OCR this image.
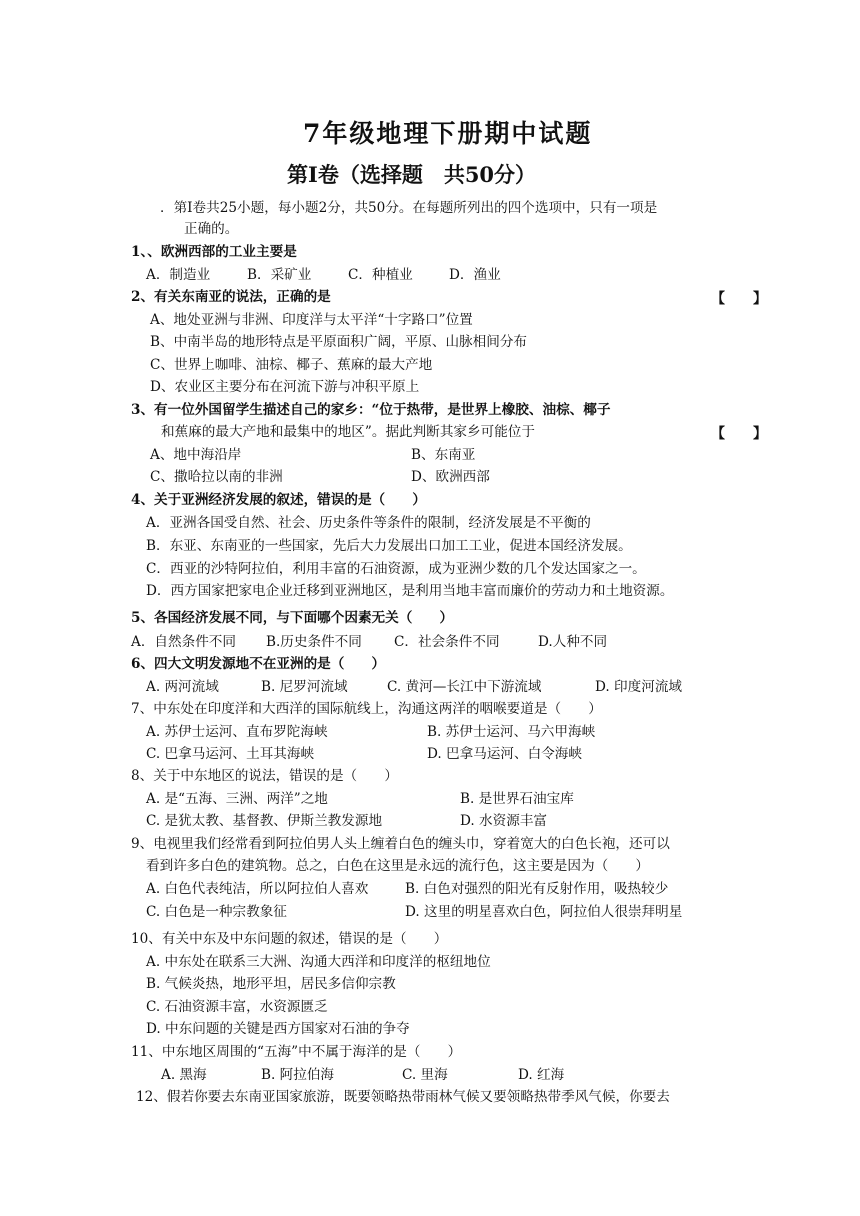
7年级地理下册期中试题
第Ⅰ卷（选择题　共50分）
．第Ⅰ卷共25小题，每小题2分，共50分。在每题所列出的四个选项中，只有一项是
正确的。
1、、欧洲西部的工业主要是
A．制造业	B．采矿业	C．种植业	D．渔业
2、有关东南亚的说法，正确的是	【　　】
A、地处亚洲与非洲、印度洋与太平洋“十字路口”位置
B、中南半岛的地形特点是平原面积广阔，平原、山脉相间分布
C、世界上咖啡、油棕、椰子、蕉麻的最大产地
D、农业区主要分布在河流下游与冲积平原上
3、有一位外国留学生描述自己的家乡：“位于热带，是世界上橡胶、油棕、椰子
和蕉麻的最大产地和最集中的地区”。据此判断其家乡可能位于	【　　】
A、地中海沿岸	B、东南亚
C、撒哈拉以南的非洲	D、欧洲西部
4、关于亚洲经济发展的叙述，错误的是（　　）
A．亚洲各国受自然、社会、历史条件等条件的限制，经济发展是不平衡的
B．东亚、东南亚的一些国家，先后大力发展出口加工工业，促进本国经济发展。
C．西亚的沙特阿拉伯，利用丰富的石油资源，成为亚洲少数的几个发达国家之一。
D．西方国家把家电企业迁移到亚洲地区，是利用当地丰富而廉价的劳动力和土地资源。
5、各国经济发展不同，与下面哪个因素无关（　　）
A．自然条件不同 B.历史条件不同 C．社会条件不同	D.人种不同
6、四大文明发源地不在亚洲的是（　　）
A. 两河流域	B. 尼罗河流域	C. 黄河—长江中下游流域	D. 印度河流域
7、中东处在印度洋和大西洋的国际航线上，沟通这两洋的咽喉要道是（　　）
A. 苏伊士运河、直布罗陀海峡	B. 苏伊士运河、马六甲海峡
C. 巴拿马运河、土耳其海峡	D. 巴拿马运河、白令海峡
8、关于中东地区的说法，错误的是（　　）
A. 是“五海、三洲、两洋”之地	B. 是世界石油宝库
C. 是犹太教、基督教、伊斯兰教发源地	D. 水资源丰富
9、电视里我们经常看到阿拉伯男人头上缠着白色的缠头巾，穿着宽大的白色长袍，还可以
看到许多白色的建筑物。总之，白色在这里是永远的流行色，这主要是因为（　　）
A. 白色代表纯洁，所以阿拉伯人喜欢	B. 白色对强烈的阳光有反射作用，吸热较少
C. 白色是一种宗教象征	D. 这里的明星喜欢白色，阿拉伯人很崇拜明星
10、有关中东及中东问题的叙述，错误的是（　　）
A. 中东处在联系三大洲、沟通大西洋和印度洋的枢纽地位
B. 气候炎热，地形平坦，居民多信仰宗教
C. 石油资源丰富，水资源匮乏
D. 中东问题的关键是西方国家对石油的争夺
11、中东地区周围的“五海”中不属于海洋的是（　　）
A. 黑海	B. 阿拉伯海	C. 里海	D. 红海
12、假若你要去东南亚国家旅游，既要领略热带雨林气候又要领略热带季风气候，你要去
